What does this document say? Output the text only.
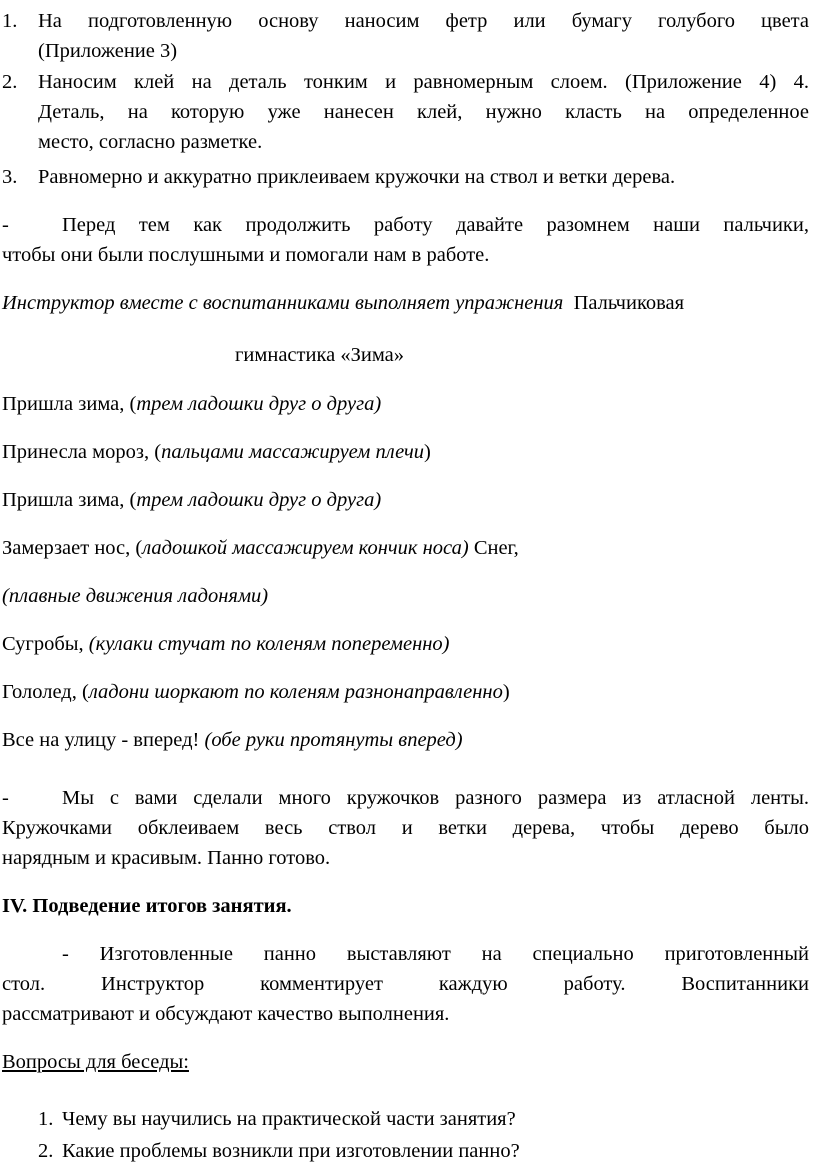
1. На подготовленную основу наносим фетр или бумагу голубого цвета
(Приложение 3)
2. Наносим клей на деталь тонким и равномерным слоем. (Приложение 4) 4.
Деталь, на которую уже нанесен клей, нужно класть на определенное
место, согласно разметке.
3. Равномерно и аккуратно приклеиваем кружочки на ствол и ветки дерева.
-	Перед тем как продолжить работу давайте разомнем наши пальчики,
чтобы они были послушными и помогали нам в работе.
Инструктор вместе с воспитанниками выполняет упражнения Пальчиковая
гимнастика «Зима»
Пришла зима, (трем ладошки друг о друга)
Принесла мороз, (пальцами массажируем плечи)
Пришла зима, (трем ладошки друг о друга)
Замерзает нос, (ладошкой массажируем кончик носа) Снег,
(плавные движения ладонями)
Сугробы, (кулаки стучат по коленям попеременно)
Гололед, (ладони шоркают по коленям разнонаправленно)
Все на улицу - вперед! (обе руки протянуты вперед)
-	Мы с вами сделали много кружочков разного размера из атласной ленты.
Кружочками обклеиваем весь ствол и ветки дерева, чтобы дерево было
нарядным и красивым. Панно готово.
IV. Подведение итогов занятия.
- Изготовленные панно выставляют на специально приготовленный
стол. Инструктор комментирует каждую работу. Воспитанники
рассматривают и обсуждают качество выполнения.
Вопросы для беседы:
1. Чему вы научились на практической части занятия?
2. Какие проблемы возникли при изготовлении панно?
